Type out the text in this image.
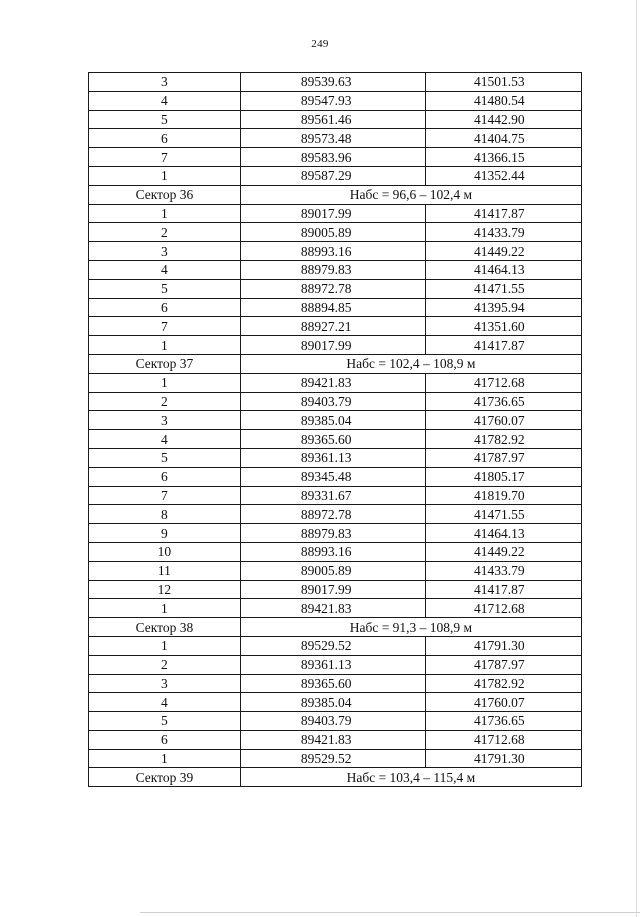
249
3	89539.63	41501.53
4	89547.93	41480.54
5	89561.46	41442.90
6	89573.48	41404.75
7	89583.96	41366.15
1	89587.29	41352.44
Сектор 36	Набс = 96,6 – 102,4 м	
1	89017.99	41417.87
2	89005.89	41433.79
3	88993.16	41449.22
4	88979.83	41464.13
5	88972.78	41471.55
6	88894.85	41395.94
7	88927.21	41351.60
1	89017.99	41417.87
Сектор 37	Набс = 102,4 – 108,9 м	
1	89421.83	41712.68
2	89403.79	41736.65
3	89385.04	41760.07
4	89365.60	41782.92
5	89361.13	41787.97
6	89345.48	41805.17
7	89331.67	41819.70
8	88972.78	41471.55
9	88979.83	41464.13
10	88993.16	41449.22
11	89005.89	41433.79
12	89017.99	41417.87
1	89421.83	41712.68
Сектор 38	Набс = 91,3 – 108,9 м	
1	89529.52	41791.30
2	89361.13	41787.97
3	89365.60	41782.92
4	89385.04	41760.07
5	89403.79	41736.65
6	89421.83	41712.68
1	89529.52	41791.30
Сектор 39	Набс = 103,4 – 115,4 м	
